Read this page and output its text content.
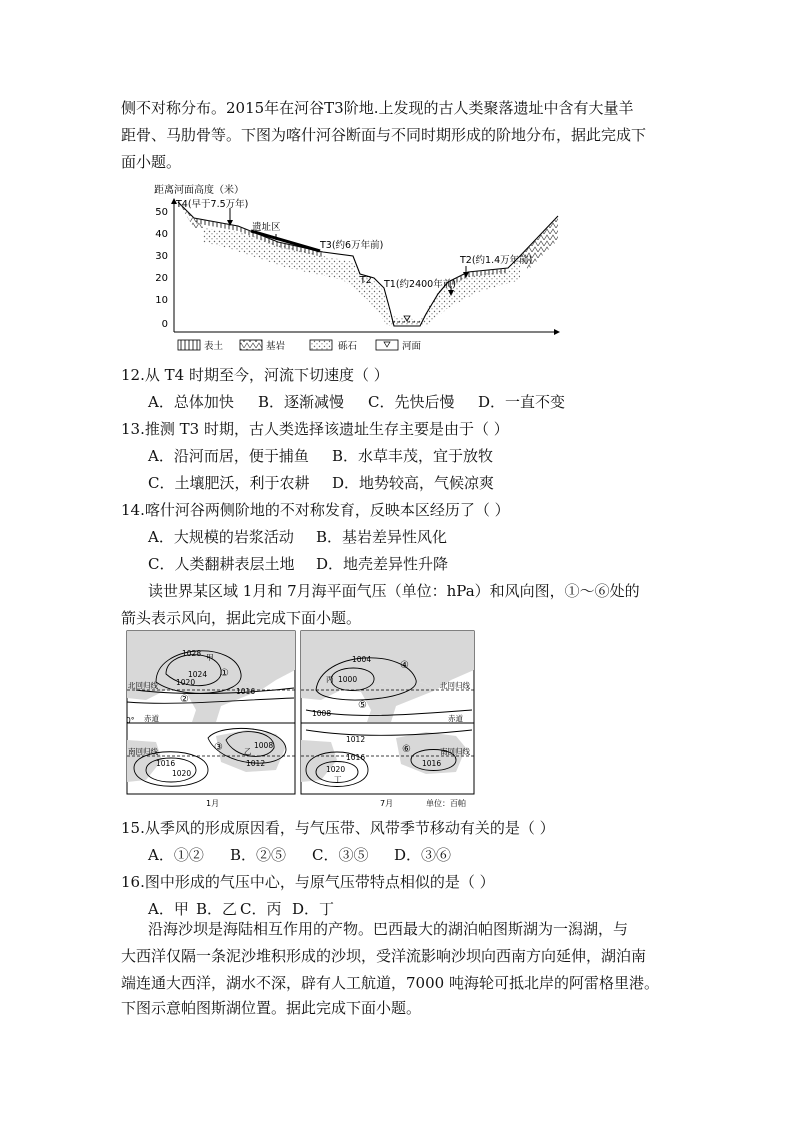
侧不对称分布。2015年在河谷T3阶地.上发现的古人类聚落遗址中含有大量羊
距骨、马肋骨等。下图为喀什河谷断面与不同时期形成的阶地分布，据此完成下
面小题。
距离河面高度（米）
50
40
30
20
10
0
T4(早于7.5万年)
遗址区
T3(约6万年前)
T2 T1(约2400年前)
T2(约1.4万年前)
表土	基岩	砾石	河面
12.从 T4 时期至今，河流下切速度（ ）
A．总体加快 B．逐渐减慢 C．先快后慢 D．一直不变
13.推测 T3 时期，古人类选择该遗址生存主要是由于（ ）
A．沿河而居，便于捕鱼 B．水草丰茂，宜于放牧
C．土壤肥沃，利于农耕 D．地势较高，气候凉爽
14.喀什河谷两侧阶地的不对称发育，反映本区经历了（ ）
A．大规模的岩浆活动 B．基岩差异性风化
C．人类翻耕表层土地 D．地壳差异性升降
读世界某区域 1月和 7月海平面气压（单位：hPa）和风向图，①～⑥处的
箭头表示风向，据此完成下面小题。
北回归线
赤道
南回归线
0°
1028 甲
1024
1020
1016
1008
乙
1012
1016
1020
①
②
③
1月
北回归线
赤道
南回归线
1004
丙 1000
1008
1012
1016
1020
1016
丁
④
⑤
⑥
7月	单位：百帕
15.从季风的形成原因看，与气压带、风带季节移动有关的是（ ）
A．①② B．②⑤ C．③⑤ D．③⑥
16.图中形成的气压中心，与原气压带特点相似的是（ ）
A．甲 B．乙 C．丙 D．丁
沿海沙坝是海陆相互作用的产物。巴西最大的湖泊帕图斯湖为一潟湖，与
大西洋仅隔一条泥沙堆积形成的沙坝，受洋流影响沙坝向西南方向延伸，湖泊南
端连通大西洋，湖水不深，辟有人工航道，7000 吨海轮可抵北岸的阿雷格里港。
下图示意帕图斯湖位置。据此完成下面小题。
